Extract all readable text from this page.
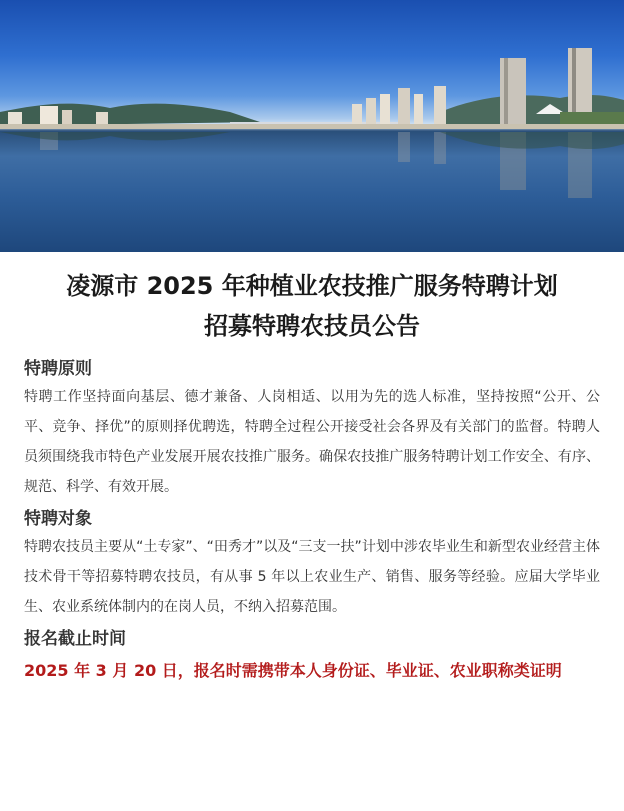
凌源市 2025 年种植业农技推广服务特聘计划
招募特聘农技员公告
特聘原则

特聘工作坚持面向基层、德才兼备、人岗相适、以用为先的选人标准，坚持按照“公开、公平、竞争、择优”的原则择优聘选，特聘全过程公开接受社会各界及有关部门的监督。特聘人员须围绕我市特色产业发展开展农技推广服务。确保农技推广服务特聘计划工作安全、有序、规范、科学、有效开展。

特聘对象

特聘农技员主要从“土专家”、“田秀才”以及“三支一扶”计划中涉农毕业生和新型农业经营主体技术骨干等招募特聘农技员，有从事 5 年以上农业生产、销售、服务等经验。应届大学毕业生、农业系统体制内的在岗人员，不纳入招募范围。

报名截止时间

2025 年 3 月 20 日，报名时需携带本人身份证、毕业证、农业职称类证明
